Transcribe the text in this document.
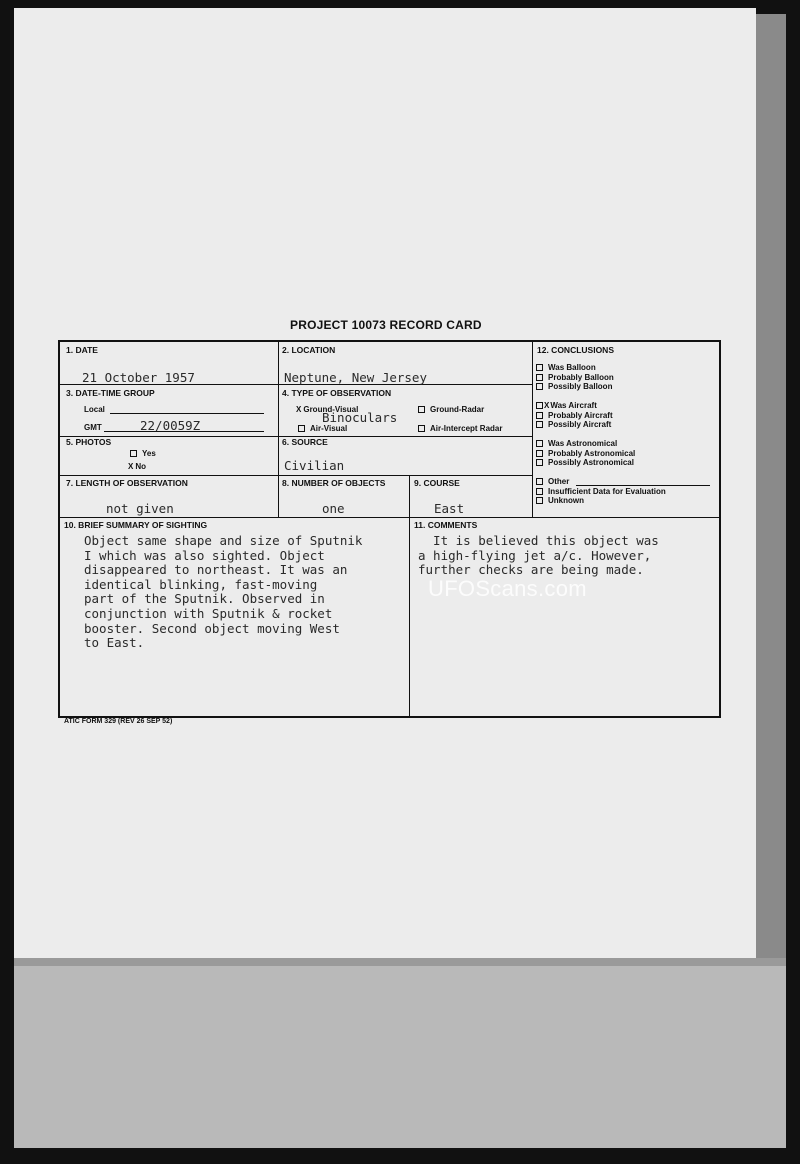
PROJECT 10073 RECORD CARD
1. DATE
21 October 1957
2. LOCATION
Neptune, New Jersey
3. DATE-TIME GROUP
Local
GMT	22/0059Z
4. TYPE OF OBSERVATION
X Ground-Visual	Ground-Radar
Air-Visual	Air-Intercept Radar
Binoculars
5. PHOTOS
Yes
X No
6. SOURCE
Civilian
7. LENGTH OF OBSERVATION
not given
8. NUMBER OF OBJECTS
one
9. COURSE
East
10. BRIEF SUMMARY OF SIGHTING
Object same shape and size of Sputnik
I which was also sighted. Object
disappeared to northeast. It was an
identical blinking, fast-moving
part of the Sputnik. Observed in
conjunction with Sputnik & rocket
booster. Second object moving West
to East.
11. COMMENTS
It is believed this object was
a high-flying jet a/c. However,
further checks are being made.
12. CONCLUSIONS
Was Balloon
Probably Balloon
Possibly Balloon
XWas Aircraft
Probably Aircraft
Possibly Aircraft
Was Astronomical
Probably Astronomical
Possibly Astronomical
Other
Insufficient Data for Evaluation
Unknown
UFOScans.com
ATIC FORM 329 (REV 26 SEP 52)
